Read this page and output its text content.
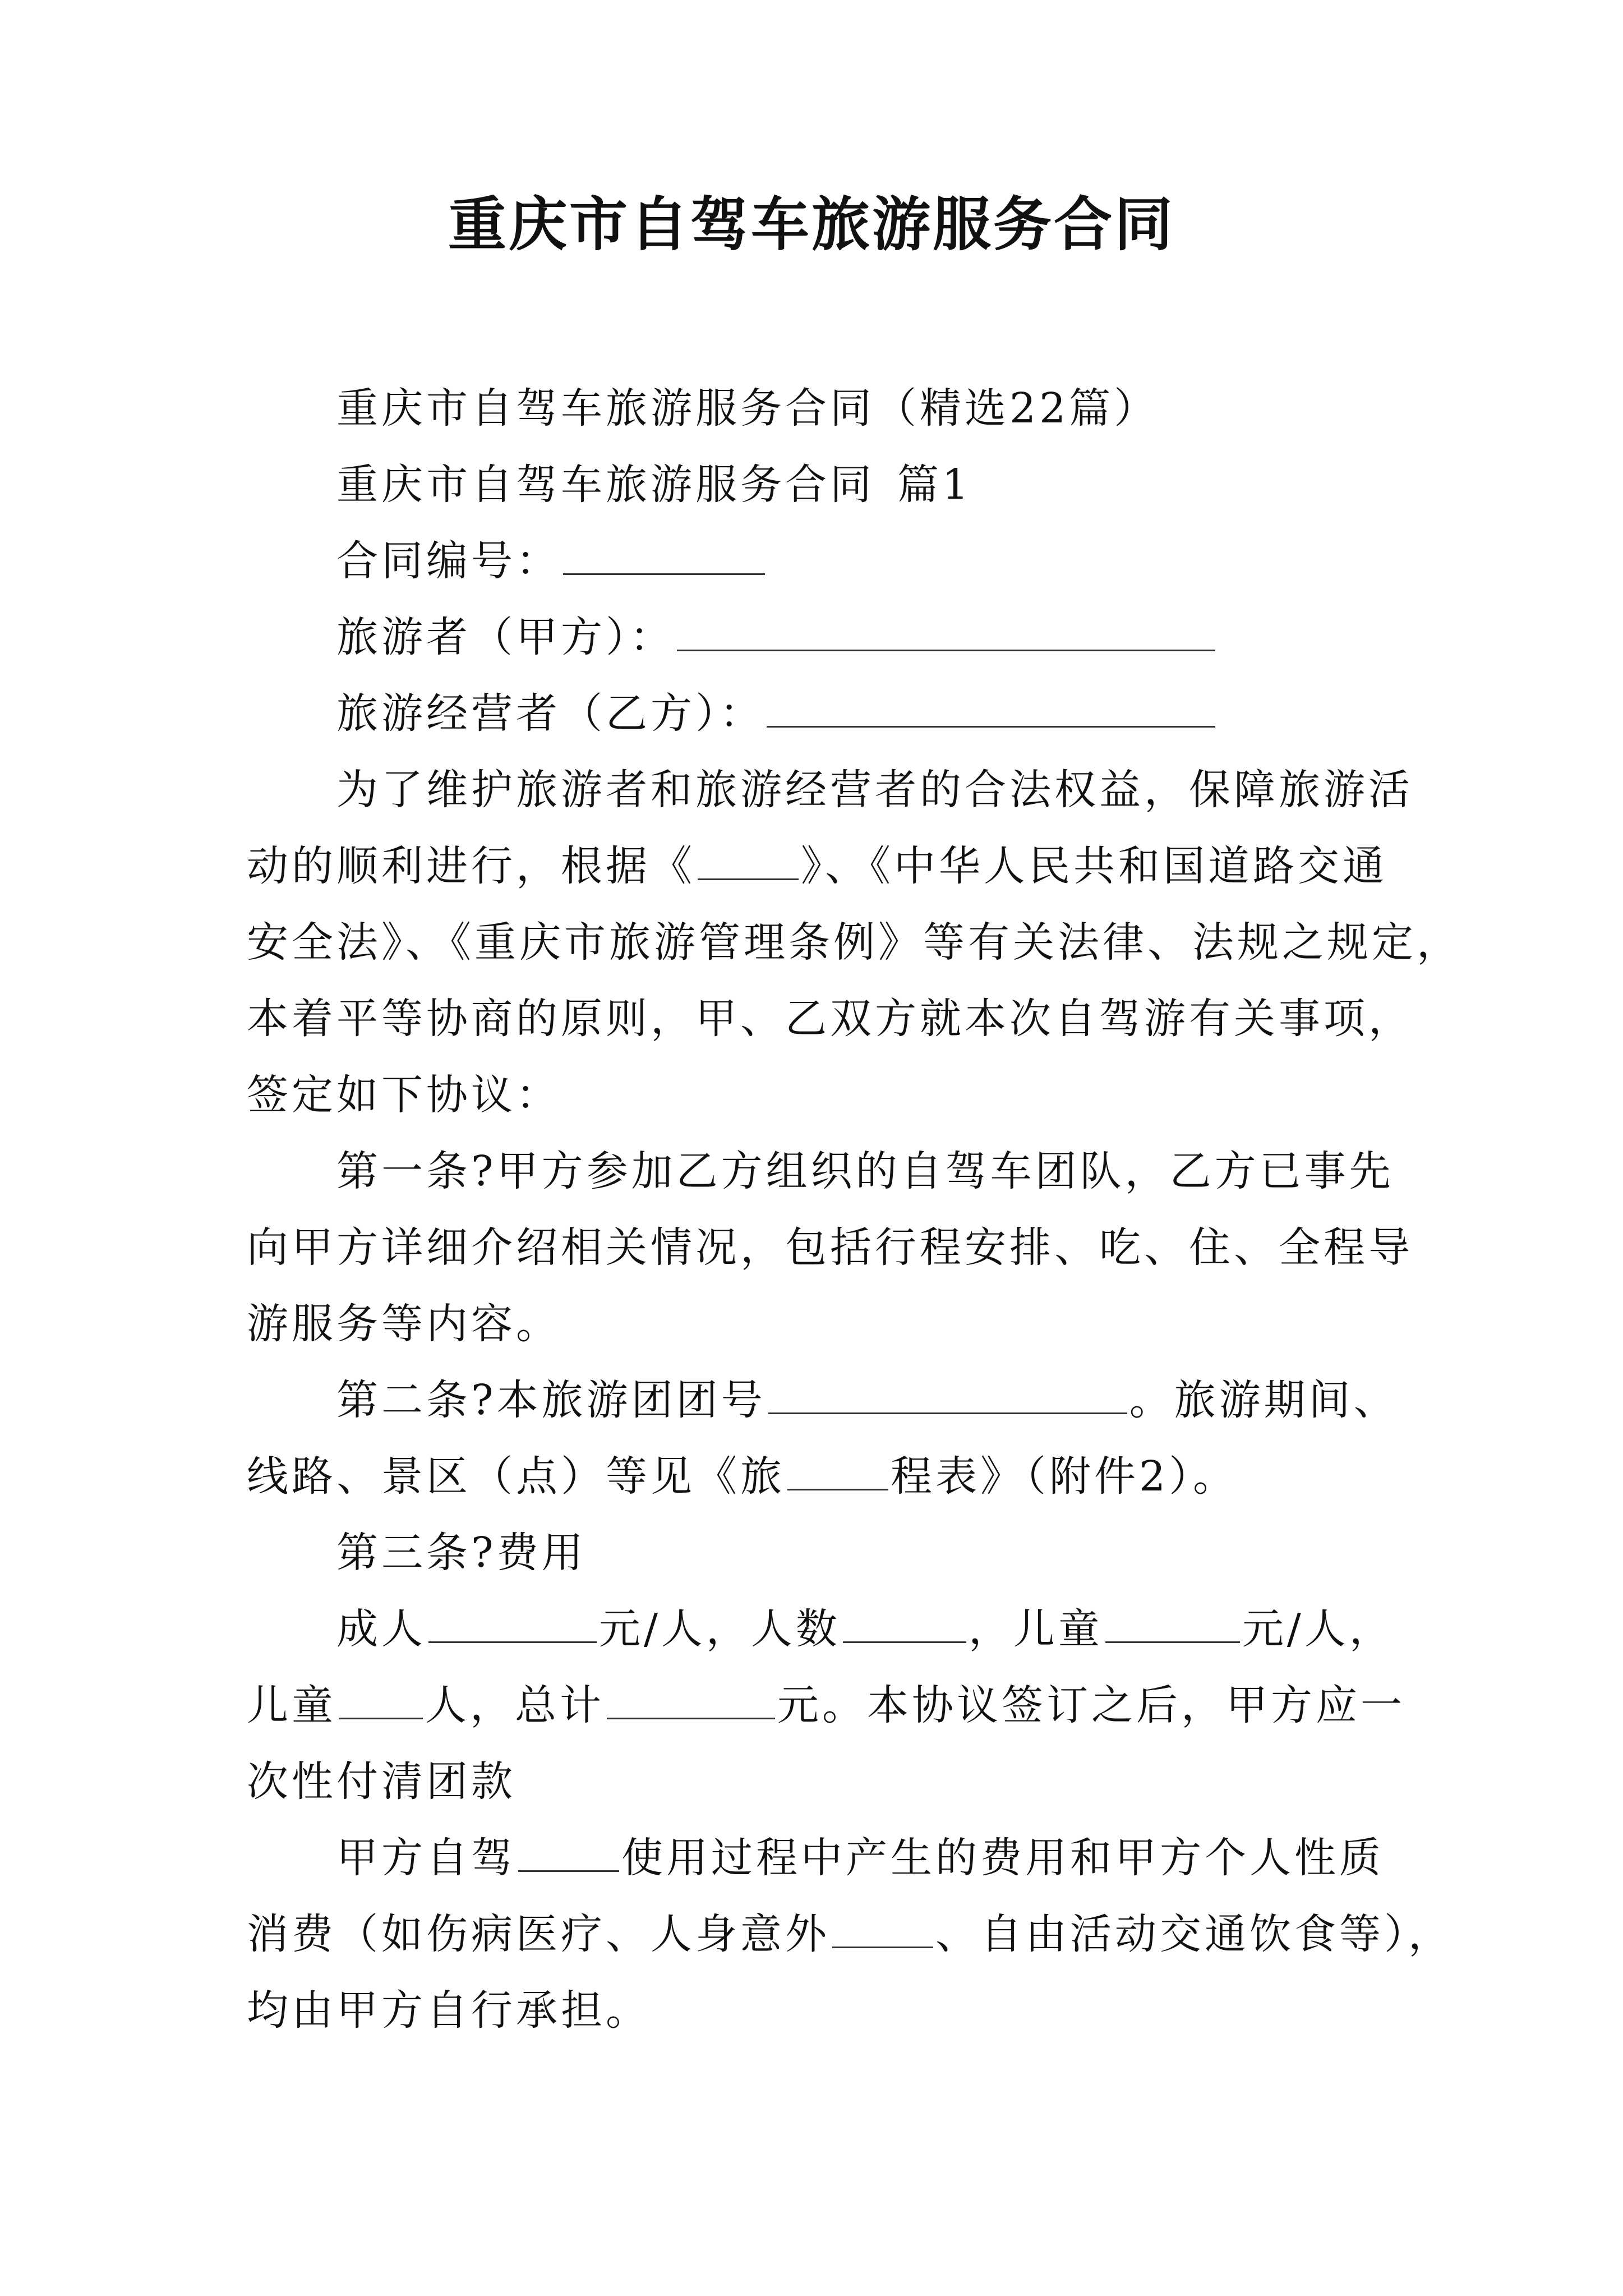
重庆市自驾车旅游服务合同
重庆市自驾车旅游服务合同（精选22篇）
重庆市自驾车旅游服务合同 篇1
合同编号：
旅游者（甲方）：
旅游经营者（乙方）：
为了维护旅游者和旅游经营者的合法权益，保障旅游活
动的顺利进行，根据《	》、《中华人民共和国道路交通
安全法》、《重庆市旅游管理条例》等有关法律、法规之规定，
本着平等协商的原则，甲、乙双方就本次自驾游有关事项，
签定如下协议：
第一条?甲方参加乙方组织的自驾车团队，乙方已事先
向甲方详细介绍相关情况，包括行程安排、吃、住、全程导
游服务等内容。
第二条?本旅游团团号	。旅游期间、
线路、景区（点）等见《旅	程表》（附件2）。
第三条?费用
成人	元/人，人数	，儿童	元/人，
儿童 人，总计	元。本协议签订之后，甲方应一
次性付清团款
甲方自驾	使用过程中产生的费用和甲方个人性质
消费（如伤病医疗、人身意外	、自由活动交通饮食等），
均由甲方自行承担。
